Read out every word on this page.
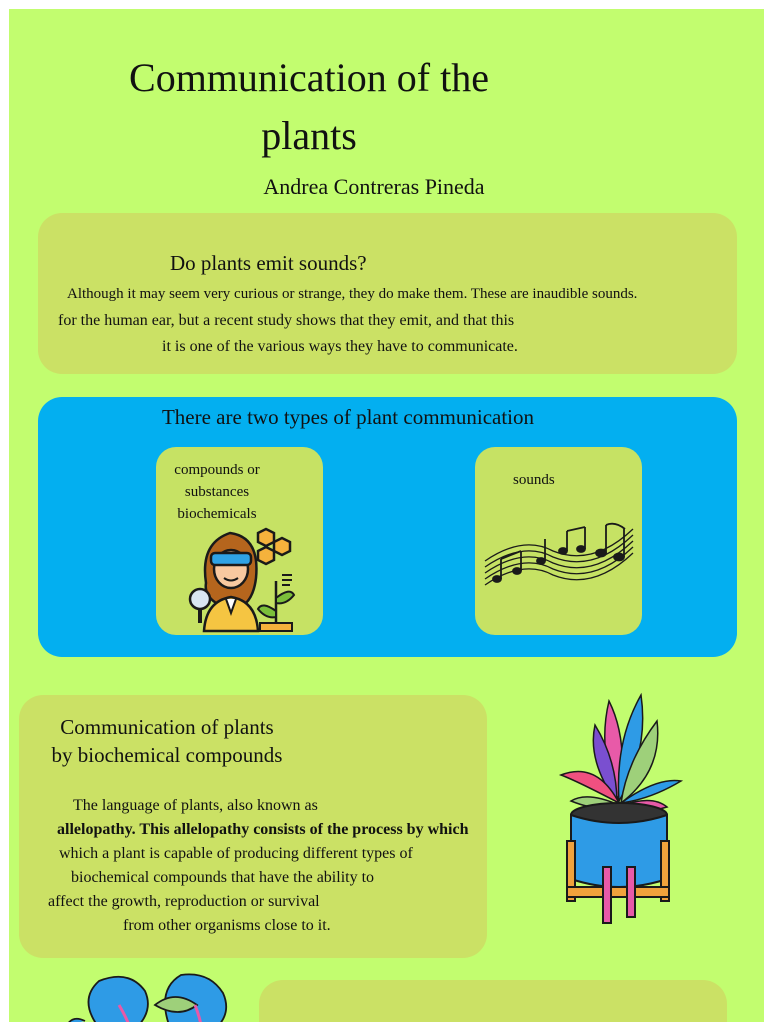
Communication of the
plants
Andrea Contreras Pineda
Do plants emit sounds?
Although it may seem very curious or strange, they do make them. These are inaudible sounds.
for the human ear, but a recent study shows that they emit, and that this
it is one of the various ways they have to communicate.
There are two types of plant communication
compounds or
substances
biochemicals
sounds
Communication of plants
by biochemical compounds
The language of plants, also known as
allelopathy. This allelopathy consists of the process by which
which a plant is capable of producing different types of
biochemical compounds that have the ability to
affect the growth, reproduction or survival
from other organisms close to it.
